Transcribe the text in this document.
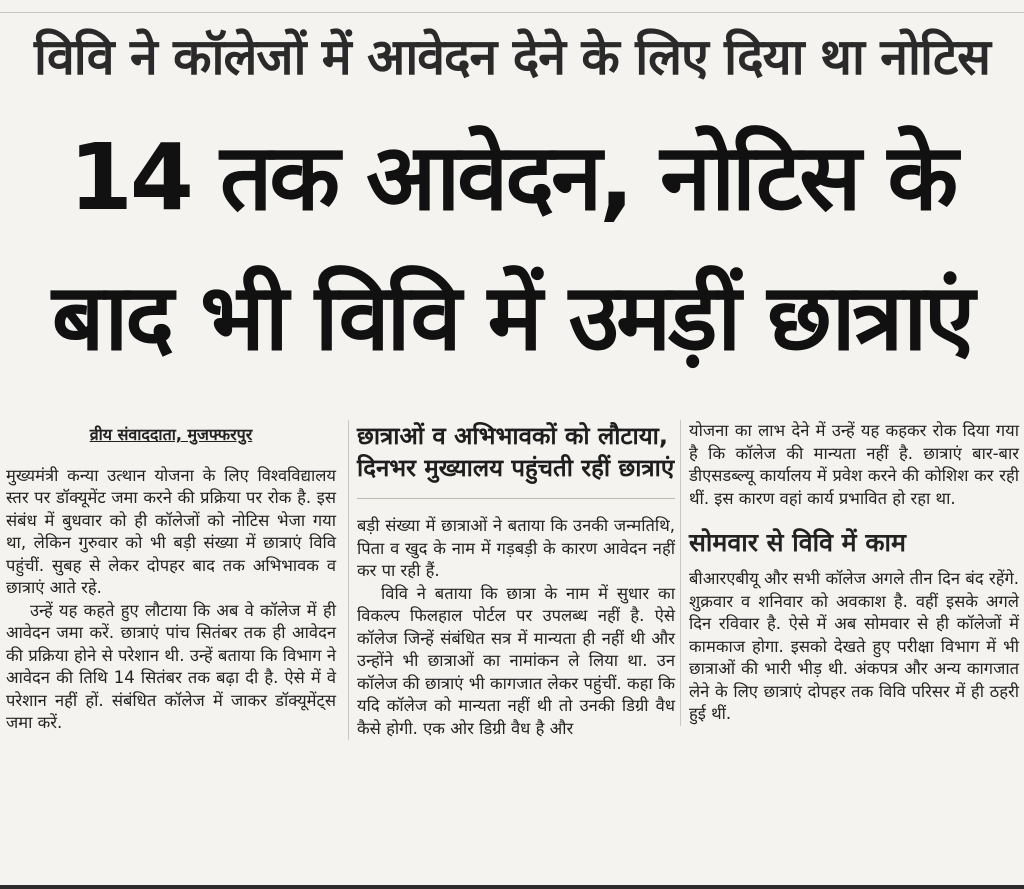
विवि ने कॉलेजों में आवेदन देने के लिए दिया था नोटिस
14 तक आवेदन, नोटिस के
बाद भी विवि में उमड़ीं छात्राएं
व्रीय संवाददाता, मुजफ्फरपुर

मुख्यमंत्री कन्या उत्थान योजना के लिए विश्वविद्यालय स्तर पर डॉक्यूमेंट जमा करने की प्रक्रिया पर रोक है. इस संबंध में बुधवार को ही कॉलेजों को नोटिस भेजा गया था, लेकिन गुरुवार को भी बड़ी संख्या में छात्राएं विवि पहुंचीं. सुबह से लेकर दोपहर बाद तक अभिभावक व छात्राएं आते रहे.

उन्हें यह कहते हुए लौटाया कि अब वे कॉलेज में ही आवेदन जमा करें. छात्राएं पांच सितंबर तक ही आवेदन की प्रक्रिया होने से परेशान थी. उन्हें बताया कि विभाग ने आवेदन की तिथि 14 सितंबर तक बढ़ा दी है. ऐसे में वे परेशान नहीं हों. संबंधित कॉलेज में जाकर डॉक्यूमेंट्स जमा करें.

छात्राओं व अभिभावकों को लौटाया, दिनभर मुख्यालय पहुंचती रहीं छात्राएं

बड़ी संख्या में छात्राओं ने बताया कि उनकी जन्मतिथि, पिता व खुद के नाम में गड़बड़ी के कारण आवेदन नहीं कर पा रही हैं.

विवि ने बताया कि छात्रा के नाम में सुधार का विकल्प फिलहाल पोर्टल पर उपलब्ध नहीं है. ऐसे कॉलेज जिन्हें संबंधित सत्र में मान्यता ही नहीं थी और उन्होंने भी छात्राओं का नामांकन ले लिया था. उन कॉलेज की छात्राएं भी कागजात लेकर पहुंचीं. कहा कि यदि कॉलेज को मान्यता नहीं थी तो उनकी डिग्री वैध कैसे होगी. एक ओर डिग्री वैध है और

योजना का लाभ देने में उन्हें यह कहकर रोक दिया गया है कि कॉलेज की मान्यता नहीं है. छात्राएं बार-बार डीएसडब्ल्यू कार्यालय में प्रवेश करने की कोशिश कर रही थीं. इस कारण वहां कार्य प्रभावित हो रहा था.

सोमवार से विवि में काम

बीआरएबीयू और सभी कॉलेज अगले तीन दिन बंद रहेंगे. शुक्रवार व शनिवार को अवकाश है. वहीं इसके अगले दिन रविवार है. ऐसे में अब सोमवार से ही कॉलेजों में कामकाज होगा. इसको देखते हुए परीक्षा विभाग में भी छात्राओं की भारी भीड़ थी. अंकपत्र और अन्य कागजात लेने के लिए छात्राएं दोपहर तक विवि परिसर में ही ठहरी हुई थीं.
